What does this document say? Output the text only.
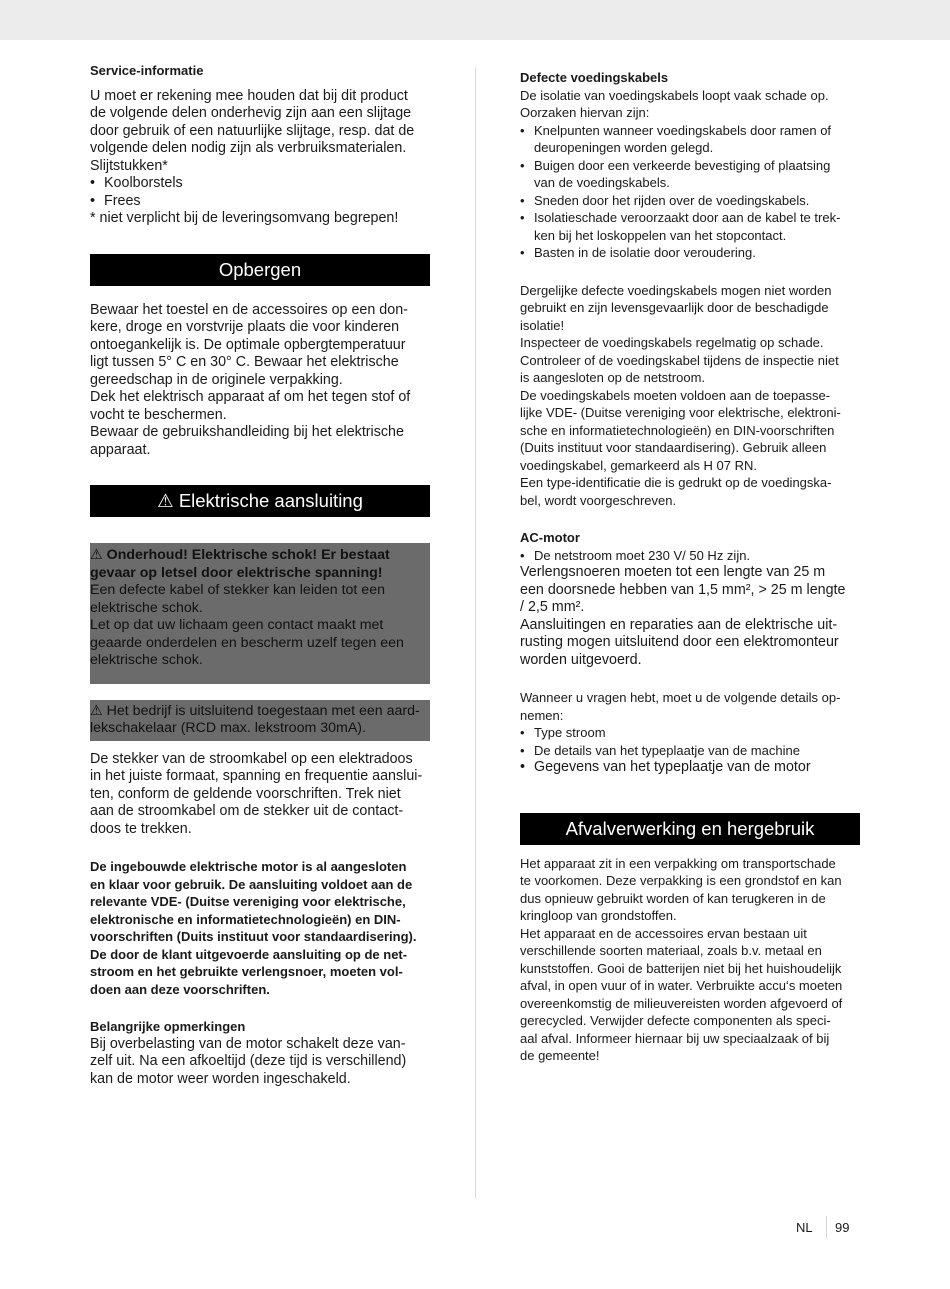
Service-informatie

U moet er rekening mee houden dat bij dit product

de volgende delen onderhevig zijn aan een slijtage

door gebruik of een natuurlijke slijtage, resp. dat de

volgende delen nodig zijn als verbruiksmaterialen.

Slijtstukken*

• Koolborstels
• Frees

* niet verplicht bij de leveringsomvang begrepen!

Opbergen

Bewaar het toestel en de accessoires op een don-

kere, droge en vorstvrije plaats die voor kinderen

ontoegankelijk is. De optimale opbergtemperatuur

ligt tussen 5° C en 30° C. Bewaar het elektrische

gereedschap in de originele verpakking.

Dek het elektrisch apparaat af om het tegen stof of

vocht te beschermen.

Bewaar de gebruikshandleiding bij het elektrische

apparaat.

⚠ Elektrische aansluiting
⚠ Onderhoud! Elektrische schok! Er bestaat
gevaar op letsel door elektrische spanning!
Een defecte kabel of stekker kan leiden tot een
elektrische schok.
Let op dat uw lichaam geen contact maakt met
geaarde onderdelen en bescherm uzelf tegen een
elektrische schok.
⚠ Het bedrijf is uitsluitend toegestaan met een aard-
lekschakelaar (RCD max. lekstroom 30mA).

De stekker van de stroomkabel op een elektradoos

in het juiste formaat, spanning en frequentie aanslui-

ten, conform de geldende voorschriften. Trek niet

aan de stroomkabel om de stekker uit de contact-

doos te trekken.

De ingebouwde elektrische motor is al aangesloten

en klaar voor gebruik. De aansluiting voldoet aan de

relevante VDE- (Duitse vereniging voor elektrische,

elektronische en informatietechnologieën) en DIN-

voorschriften (Duits instituut voor standaardisering).

De door de klant uitgevoerde aansluiting op de net-

stroom en het gebruikte verlengsnoer, moeten vol-

doen aan deze voorschriften.

Belangrijke opmerkingen

Bij overbelasting van de motor schakelt deze van-

zelf uit. Na een afkoeltijd (deze tijd is verschillend)

kan de motor weer worden ingeschakeld.

Defecte voedingskabels

De isolatie van voedingskabels loopt vaak schade op.

Oorzaken hiervan zijn:

• Knelpunten wanneer voedingskabels door ramen of
deuropeningen worden gelegd.
• Buigen door een verkeerde bevestiging of plaatsing
van de voedingskabels.
• Sneden door het rijden over de voedingskabels.
• Isolatieschade veroorzaakt door aan de kabel te trek-
ken bij het loskoppelen van het stopcontact.
• Basten in de isolatie door veroudering.

Dergelijke defecte voedingskabels mogen niet worden

gebruikt en zijn levensgevaarlijk door de beschadigde

isolatie!

Inspecteer de voedingskabels regelmatig op schade.

Controleer of de voedingskabel tijdens de inspectie niet

is aangesloten op de netstroom.

De voedingskabels moeten voldoen aan de toepasse-

lijke VDE- (Duitse vereniging voor elektrische, elektroni-

sche en informatietechnologieën) en DIN-voorschriften

(Duits instituut voor standaardisering). Gebruik alleen

voedingskabel, gemarkeerd als H 07 RN.

Een type-identificatie die is gedrukt op de voedingska-

bel, wordt voorgeschreven.

AC-motor

• De netstroom moet 230 V/ 50 Hz zijn.

Verlengsnoeren moeten tot een lengte van 25 m

een doorsnede hebben van 1,5 mm², > 25 m lengte

/ 2,5 mm².

Aansluitingen en reparaties aan de elektrische uit-

rusting mogen uitsluitend door een elektromonteur

worden uitgevoerd.

Wanneer u vragen hebt, moet u de volgende details op-

nemen:

• Type stroom
• De details van het typeplaatje van de machine
• Gegevens van het typeplaatje van de motor
Afvalverwerking en hergebruik

Het apparaat zit in een verpakking om transportschade

te voorkomen. Deze verpakking is een grondstof en kan

dus opnieuw gebruikt worden of kan terugkeren in de

kringloop van grondstoffen.

Het apparaat en de accessoires ervan bestaan uit

verschillende soorten materiaal, zoals b.v. metaal en

kunststoffen. Gooi de batterijen niet bij het huishoudelijk

afval, in open vuur of in water. Verbruikte accu‘s moeten

overeenkomstig de milieuvereisten worden afgevoerd of

gerecycled. Verwijder defecte componenten als speci-

aal afval. Informeer hiernaar bij uw speciaalzaak of bij

de gemeente!

NL 99
